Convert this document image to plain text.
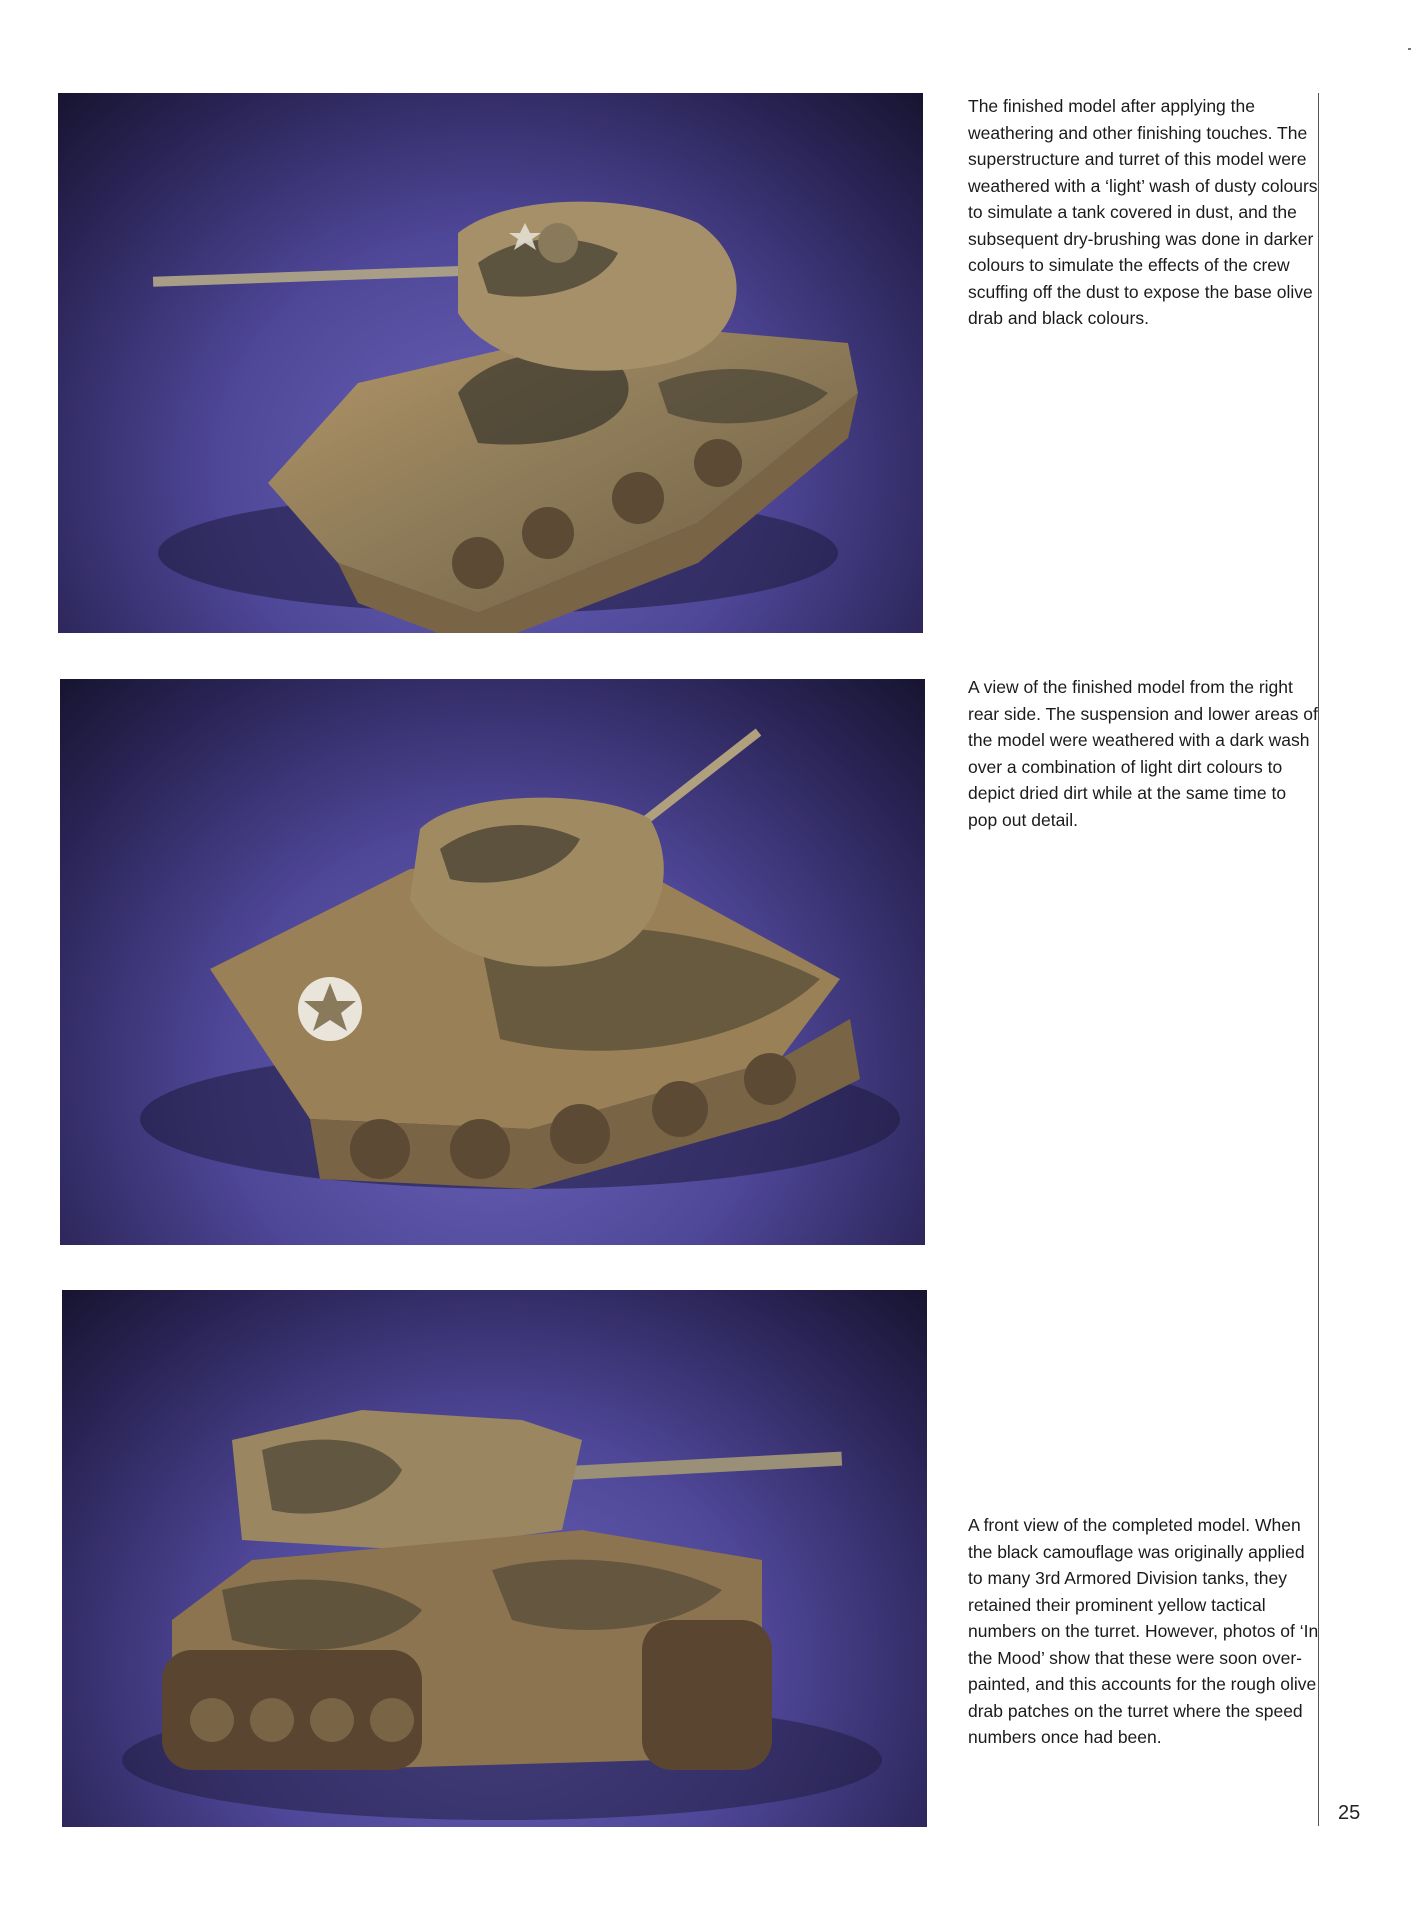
The finished model after applying the weathering and other finishing touches. The superstructure and turret of this model were weathered with a ‘light’ wash of dusty colours to simulate a tank covered in dust, and the subsequent dry-brushing was done in darker colours to simulate the effects of the crew scuffing off the dust to expose the base olive drab and black colours.

A view of the finished model from the right rear side. The suspension and lower areas of the model were weathered with a dark wash over a combination of light dirt colours to depict dried dirt while at the same time to pop out detail.

A front view of the completed model. When the black camouflage was originally applied to many 3rd Armored Division tanks, they retained their prominent yellow tactical numbers on the turret. However, photos of ‘In the Mood’ show that these were soon over-painted, and this accounts for the rough olive drab patches on the turret where the speed numbers once had been.

25
